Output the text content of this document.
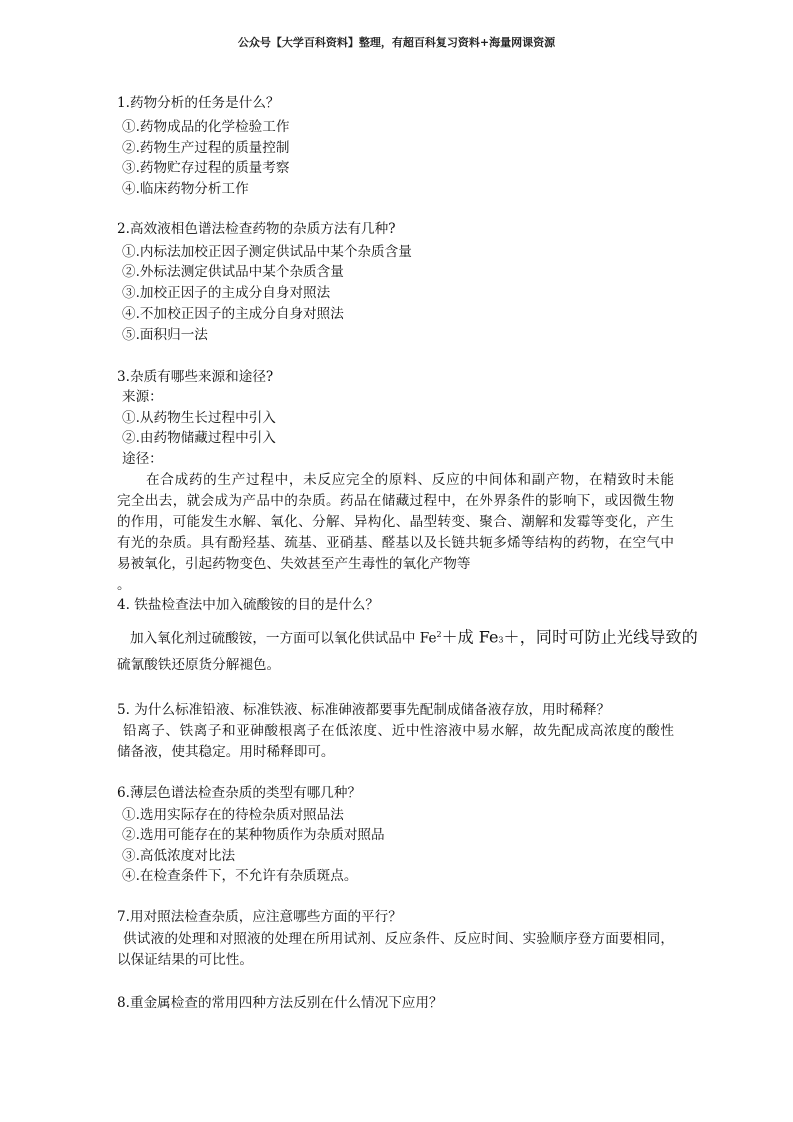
公众号【大学百科资料】整理，有超百科复习资料+海量网课资源
1.药物分析的任务是什么？
①.药物成品的化学检验工作
②.药物生产过程的质量控制
③.药物贮存过程的质量考察
④.临床药物分析工作
2.高效液相色谱法检查药物的杂质方法有几种?
①.内标法加校正因子测定供试品中某个杂质含量
②.外标法测定供试品中某个杂质含量
③.加校正因子的主成分自身对照法
④.不加校正因子的主成分自身对照法
⑤.面积归一法
3.杂质有哪些来源和途径?
来源：
①.从药物生长过程中引入
②.由药物储藏过程中引入
途径：
在合成药的生产过程中，未反应完全的原料、反应的中间体和副产物，在精致时未能
完全出去，就会成为产品中的杂质。药品在储藏过程中，在外界条件的影响下，或因微生物
的作用，可能发生水解、氧化、分解、异构化、晶型转变、聚合、潮解和发霉等变化，产生
有光的杂质。具有酚羟基、巯基、亚硝基、醛基以及长链共轭多烯等结构的药物，在空气中
易被氧化，引起药物变色、失效甚至产生毒性的氧化产物等
。
4. 铁盐检查法中加入硫酸铵的目的是什么？
加入氧化剂过硫酸铵，一方面可以氧化供试品中 $Fe^2+$成 Fe3＋，同时可防止光线导致的
硫氰酸铁还原货分解褪色。
5. 为什么标准铅液、标准铁液、标准砷液都要事先配制成储备液存放，用时稀释？
铅离子、铁离子和亚砷酸根离子在低浓度、近中性溶液中易水解，故先配成高浓度的酸性
储备液，使其稳定。用时稀释即可。
6.薄层色谱法检查杂质的类型有哪几种？
①.选用实际存在的待检杂质对照品法
②.选用可能存在的某种物质作为杂质对照品
③.高低浓度对比法
④.在检查条件下，不允许有杂质斑点。
7.用对照法检查杂质，应注意哪些方面的平行？
供试液的处理和对照液的处理在所用试剂、反应条件、反应时间、实验顺序登方面要相同，
以保证结果的可比性。
8.重金属检查的常用四种方法反别在什么情况下应用？
